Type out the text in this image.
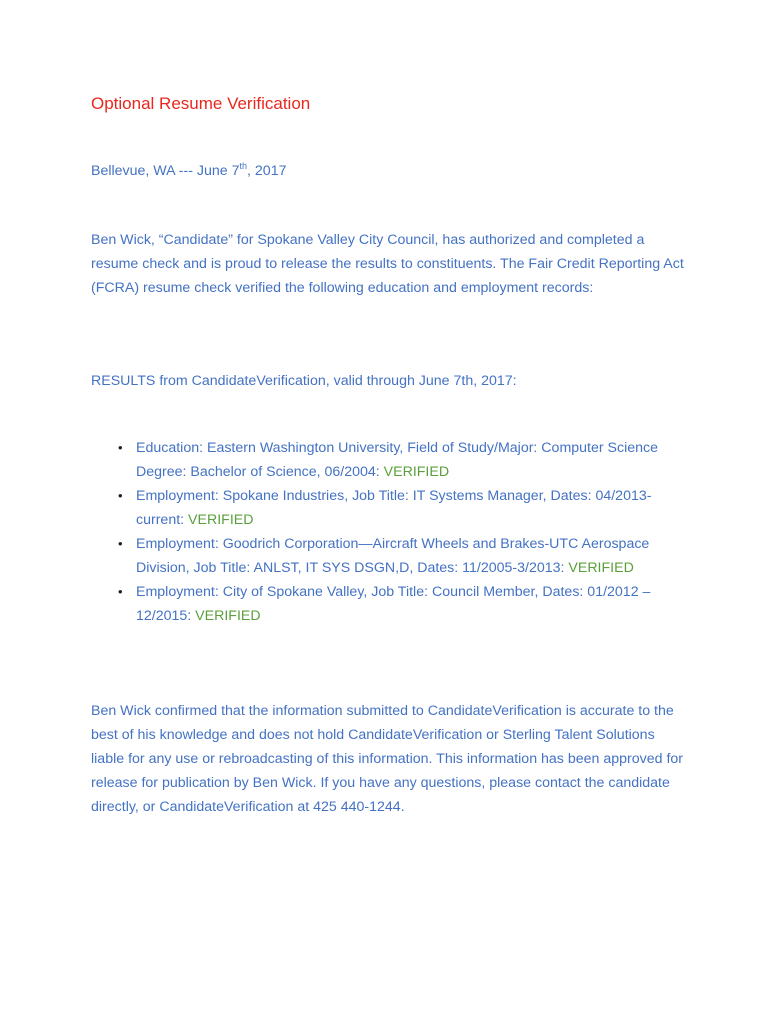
Optional Resume Verification
Bellevue, WA --- June 7th, 2017

Ben Wick, “Candidate” for Spokane Valley City Council, has authorized and completed a resume check and is proud to release the results to constituents. The Fair Credit Reporting Act (FCRA) resume check verified the following education and employment records:

RESULTS from CandidateVerification, valid through June 7th, 2017:

• Education: Eastern Washington University, Field of Study/Major: Computer Science Degree: Bachelor of Science, 06/2004: VERIFIED
• Employment: Spokane Industries, Job Title: IT Systems Manager, Dates: 04/2013-current: VERIFIED
• Employment: Goodrich Corporation—Aircraft Wheels and Brakes-UTC Aerospace Division, Job Title: ANLST, IT SYS DSGN,D, Dates: 11/2005-3/2013: VERIFIED
• Employment: City of Spokane Valley, Job Title: Council Member, Dates: 01/2012 – 12/2015: VERIFIED

Ben Wick confirmed that the information submitted to CandidateVerification is accurate to the best of his knowledge and does not hold CandidateVerification or Sterling Talent Solutions liable for any use or rebroadcasting of this information. This information has been approved for release for publication by Ben Wick. If you have any questions, please contact the candidate directly, or CandidateVerification at 425 440-1244.
